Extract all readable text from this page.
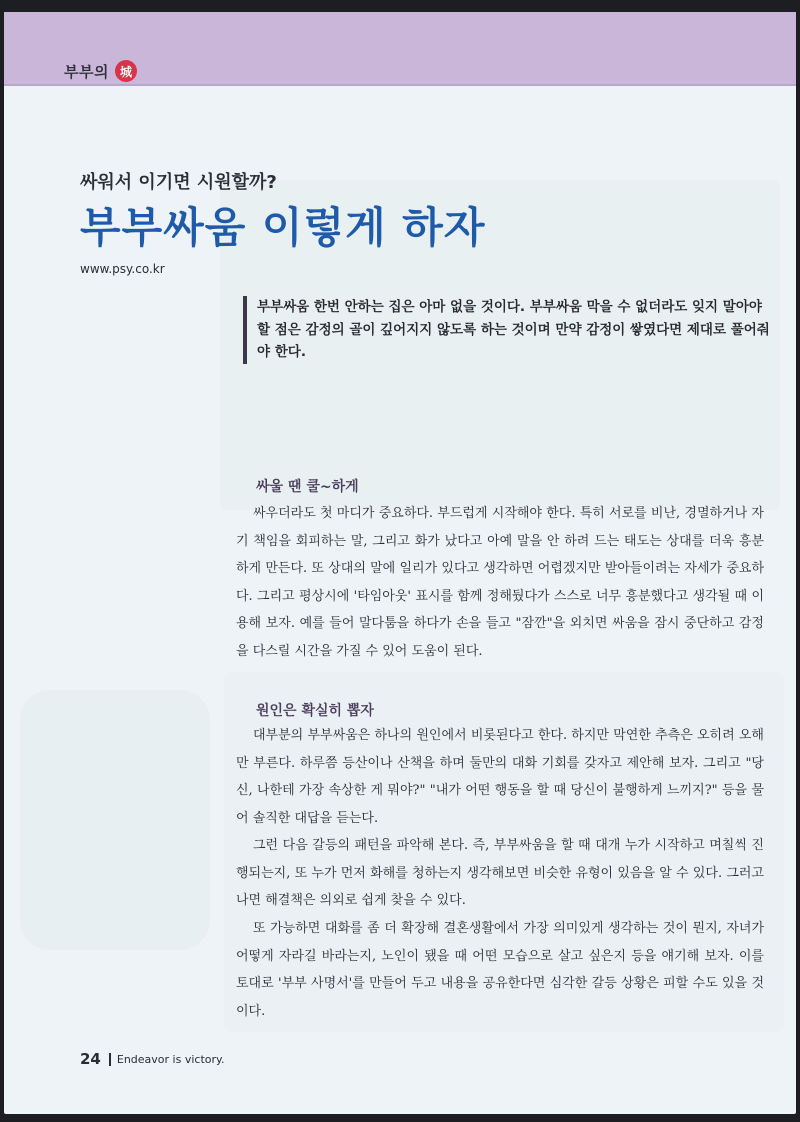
부부의 城
싸워서 이기면 시원할까?
부부싸움 이렇게 하자
www.psy.co.kr
부부싸움 한번 안하는 집은 아마 없을 것이다. 부부싸움 막을 수 없더라도 잊지 말아야 할 점은 감정의 골이 깊어지지 않도록 하는 것이며 만약 감정이 쌓였다면 제대로 풀어줘야 한다.
싸울 땐 쿨~하게

싸우더라도 첫 마디가 중요하다. 부드럽게 시작해야 한다. 특히 서로를 비난, 경멸하거나 자기 책임을 회피하는 말, 그리고 화가 났다고 아예 말을 안 하려 드는 태도는 상대를 더욱 흥분하게 만든다. 또 상대의 말에 일리가 있다고 생각하면 어렵겠지만 받아들이려는 자세가 중요하다. 그리고 평상시에 '타임아웃' 표시를 함께 정해뒀다가 스스로 너무 흥분했다고 생각될 때 이용해 보자. 예를 들어 말다툼을 하다가 손을 들고 "잠깐"을 외치면 싸움을 잠시 중단하고 감정을 다스릴 시간을 가질 수 있어 도움이 된다.

원인은 확실히 뽑자

대부분의 부부싸움은 하나의 원인에서 비롯된다고 한다. 하지만 막연한 추측은 오히려 오해만 부른다. 하루쯤 등산이나 산책을 하며 둘만의 대화 기회를 갖자고 제안해 보자. 그리고 "당신, 나한테 가장 속상한 게 뭐야?" "내가 어떤 행동을 할 때 당신이 불행하게 느끼지?" 등을 물어 솔직한 대답을 듣는다.

그런 다음 갈등의 패턴을 파악해 본다. 즉, 부부싸움을 할 때 대개 누가 시작하고 며칠씩 진행되는지, 또 누가 먼저 화해를 청하는지 생각해보면 비슷한 유형이 있음을 알 수 있다. 그러고 나면 해결책은 의외로 쉽게 찾을 수 있다.

또 가능하면 대화를 좀 더 확장해 결혼생활에서 가장 의미있게 생각하는 것이 뭔지, 자녀가 어떻게 자라길 바라는지, 노인이 됐을 때 어떤 모습으로 살고 싶은지 등을 얘기해 보자. 이를 토대로 '부부 사명서'를 만들어 두고 내용을 공유한다면 심각한 갈등 상황은 피할 수도 있을 것이다.

24 Endeavor is victory.
